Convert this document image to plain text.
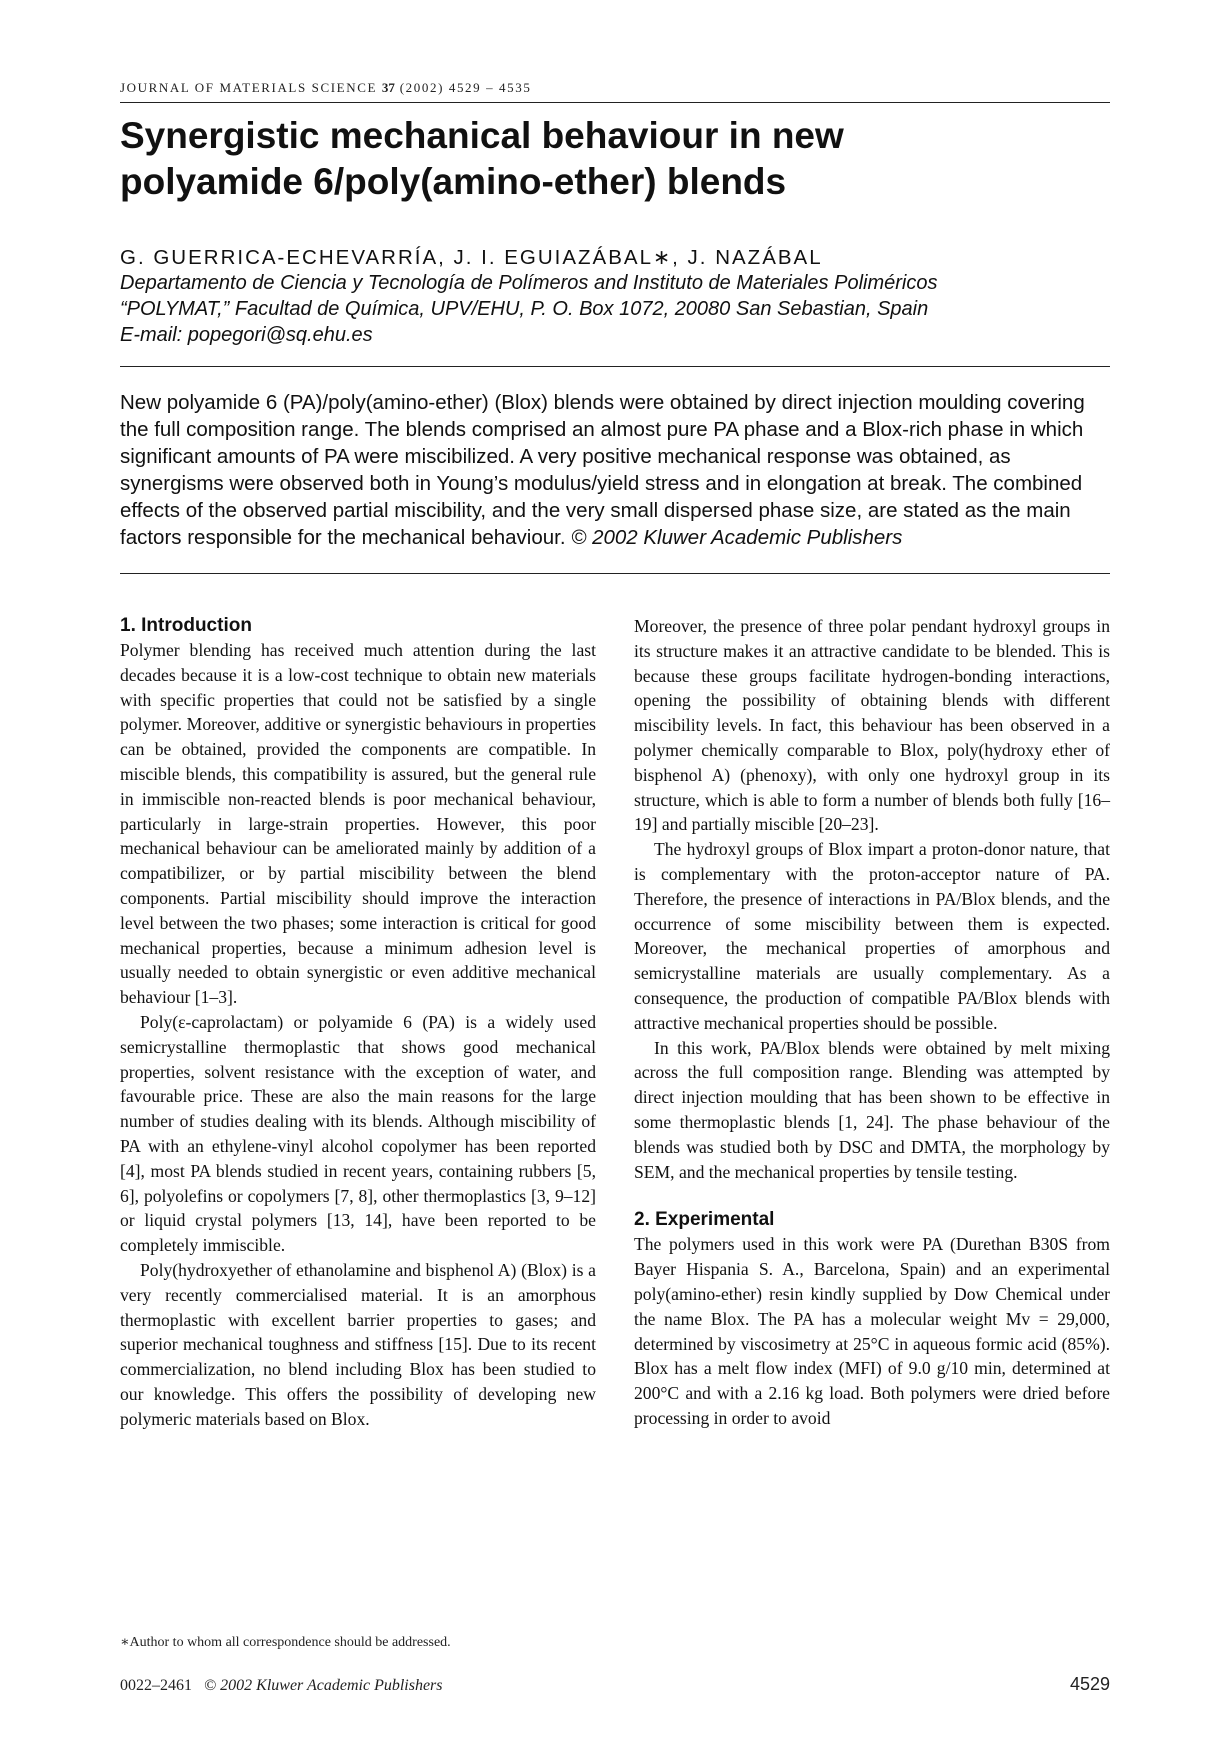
JOURNAL OF MATERIALS SCIENCE 37 (2002) 4529 – 4535
Synergistic mechanical behaviour in new
polyamide 6/poly(amino-ether) blends
G. GUERRICA-ECHEVARRÍA, J. I. EGUIAZÁBAL∗, J. NAZÁBAL
Departamento de Ciencia y Tecnología de Polímeros and Instituto de Materiales Poliméricos
“POLYMAT,” Facultad de Química, UPV/EHU, P. O. Box 1072, 20080 San Sebastian, Spain
E-mail: popegori@sq.ehu.es
New polyamide 6 (PA)/poly(amino-ether) (Blox) blends were obtained by direct injection moulding covering the full composition range. The blends comprised an almost pure PA phase and a Blox-rich phase in which significant amounts of PA were miscibilized. A very positive mechanical response was obtained, as synergisms were observed both in Young’s modulus/yield stress and in elongation at break. The combined effects of the observed partial miscibility, and the very small dispersed phase size, are stated as the main factors responsible for the mechanical behaviour. © 2002 Kluwer Academic Publishers
1. Introduction

Polymer blending has received much attention during the last decades because it is a low-cost technique to obtain new materials with specific properties that could not be satisfied by a single polymer. Moreover, additive or synergistic behaviours in properties can be obtained, provided the components are compatible. In miscible blends, this compatibility is assured, but the general rule in immiscible non-reacted blends is poor mechanical behaviour, particularly in large-strain properties. However, this poor mechanical behaviour can be ameliorated mainly by addition of a compatibilizer, or by partial miscibility between the blend components. Partial miscibility should improve the interaction level between the two phases; some interaction is critical for good mechanical properties, because a minimum adhesion level is usually needed to obtain synergistic or even additive mechanical behaviour [1–3].

Poly(ε-caprolactam) or polyamide 6 (PA) is a widely used semicrystalline thermoplastic that shows good mechanical properties, solvent resistance with the exception of water, and favourable price. These are also the main reasons for the large number of studies dealing with its blends. Although miscibility of PA with an ethylene-vinyl alcohol copolymer has been reported [4], most PA blends studied in recent years, containing rubbers [5, 6], polyolefins or copolymers [7, 8], other thermoplastics [3, 9–12] or liquid crystal polymers [13, 14], have been reported to be completely immiscible.

Poly(hydroxyether of ethanolamine and bisphenol A) (Blox) is a very recently commercialised material. It is an amorphous thermoplastic with excellent barrier properties to gases; and superior mechanical toughness and stiffness [15]. Due to its recent commercialization, no blend including Blox has been studied to our knowledge. This offers the possibility of developing new polymeric materials based on Blox.

Moreover, the presence of three polar pendant hydroxyl groups in its structure makes it an attractive candidate to be blended. This is because these groups facilitate hydrogen-bonding interactions, opening the possibility of obtaining blends with different miscibility levels. In fact, this behaviour has been observed in a polymer chemically comparable to Blox, poly(hydroxy ether of bisphenol A) (phenoxy), with only one hydroxyl group in its structure, which is able to form a number of blends both fully [16–19] and partially miscible [20–23].

The hydroxyl groups of Blox impart a proton-donor nature, that is complementary with the proton-acceptor nature of PA. Therefore, the presence of interactions in PA/Blox blends, and the occurrence of some miscibility between them is expected. Moreover, the mechanical properties of amorphous and semicrystalline materials are usually complementary. As a consequence, the production of compatible PA/Blox blends with attractive mechanical properties should be possible.

In this work, PA/Blox blends were obtained by melt mixing across the full composition range. Blending was attempted by direct injection moulding that has been shown to be effective in some thermoplastic blends [1, 24]. The phase behaviour of the blends was studied both by DSC and DMTA, the morphology by SEM, and the mechanical properties by tensile testing.

2. Experimental

The polymers used in this work were PA (Durethan B30S from Bayer Hispania S. A., Barcelona, Spain) and an experimental poly(amino-ether) resin kindly supplied by Dow Chemical under the name Blox. The PA has a molecular weight Mv = 29,000, determined by viscosimetry at 25°C in aqueous formic acid (85%). Blox has a melt flow index (MFI) of 9.0 g/10 min, determined at 200°C and with a 2.16 kg load. Both polymers were dried before processing in order to avoid

∗Author to whom all correspondence should be addressed.
0022–2461 © 2002 Kluwer Academic Publishers	4529
